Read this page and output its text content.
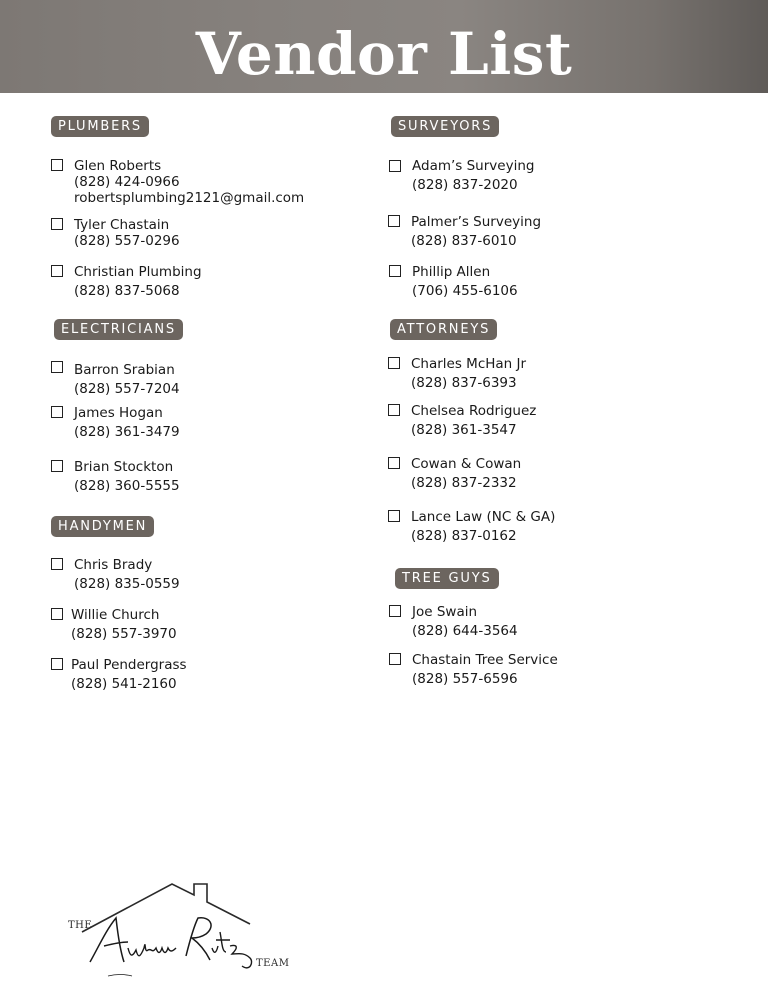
Vendor List
PLUMBERS
Glen Roberts
(828) 424-0966
robertsplumbing2121@gmail.com
Tyler Chastain
(828) 557-0296
Christian Plumbing
(828) 837-5068
ELECTRICIANS
Barron Srabian
(828) 557-7204
James Hogan
(828) 361-3479
Brian Stockton
(828) 360-5555
HANDYMEN
Chris Brady
(828) 835-0559
Willie Church
(828) 557-3970
Paul Pendergrass
(828) 541-2160
SURVEYORS
Adam’s Surveying
(828) 837-2020
Palmer’s Surveying
(828) 837-6010
Phillip Allen
(706) 455-6106
ATTORNEYS
Charles McHan Jr
(828) 837-6393
Chelsea Rodriguez
(828) 361-3547
Cowan & Cowan
(828) 837-2332
Lance Law (NC & GA)
(828) 837-0162
TREE GUYS
Joe Swain
(828) 644-3564
Chastain Tree Service
(828) 557-6596
THE
TEAM
